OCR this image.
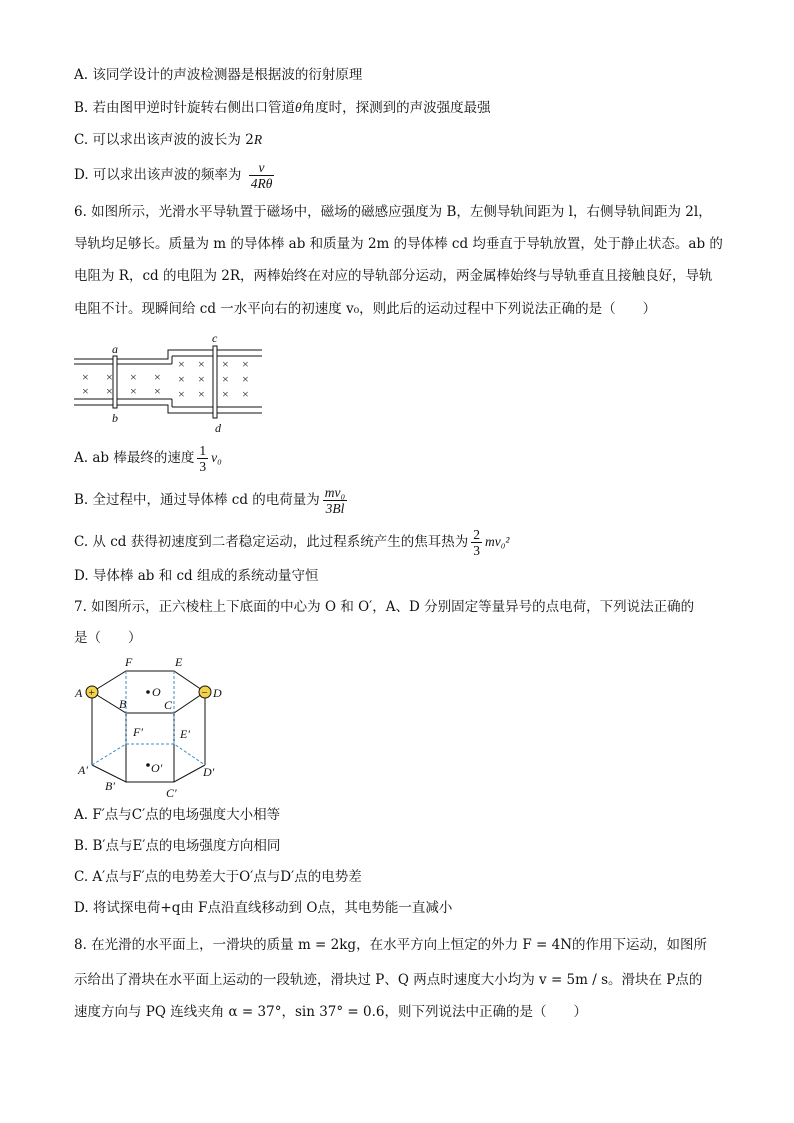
A. 该同学设计的声波检测器是根据波的衍射原理
B. 若由图甲逆时针旋转右侧出口管道θ角度时，探测到的声波强度最强
C. 可以求出该声波的波长为 2R
D. 可以求出该声波的频率为 $\frac{v}{4R\theta}$
6. 如图所示，光滑水平导轨置于磁场中，磁场的磁感应强度为 B，左侧导轨间距为 l，右侧导轨间距为 2l，
导轨均足够长。质量为 m 的导体棒 ab 和质量为 2m 的导体棒 cd 均垂直于导轨放置，处于静止状态。ab 的
电阻为 R，cd 的电阻为 2R，两棒始终在对应的导轨部分运动，两金属棒始终与导轨垂直且接触良好，导轨
电阻不计。现瞬间给 cd 一水平向右的初速度 v₀，则此后的运动过程中下列说法正确的是（　　）
a
b
c
d
×
×
×
×
×
×
×
×
×
×
×
×
×
×
×
×
×
×
×
×
A. ab 棒最终的速度 $\frac{1}{3} v_0$
B. 全过程中，通过导体棒 cd 的电荷量为 $\frac{\text{mv₀}}{3Bl}$
C. 从 cd 获得初速度到二者稳定运动，此过程系统产生的焦耳热为 $\frac{2}{3} mv_0^2$
D. 导体棒 ab 和 cd 组成的系统动量守恒
7. 如图所示，正六棱柱上下底面的中心为 O 和 O′，A、D 分别固定等量异号的点电荷，下列说法正确的
是（　　）
+	−
A	D
F	E
O
B	C
F′	E′
O′
A′	D′
B′	C′
A. F′点与C′点的电场强度大小相等
B. B′点与E′点的电场强度方向相同
C. A′点与F′点的电势差大于O′点与D′点的电势差
D. 将试探电荷+q由 F点沿直线移动到 O点，其电势能一直减小
8. 在光滑的水平面上，一滑块的质量 m = 2kg，在水平方向上恒定的外力 F = 4N的作用下运动，如图所
示给出了滑块在水平面上运动的一段轨迹，滑块过 P、Q 两点时速度大小均为 v = 5m / s。滑块在 P点的
速度方向与 PQ 连线夹角 α = 37°，sin 37° = 0.6，则下列说法中正确的是（　　）
